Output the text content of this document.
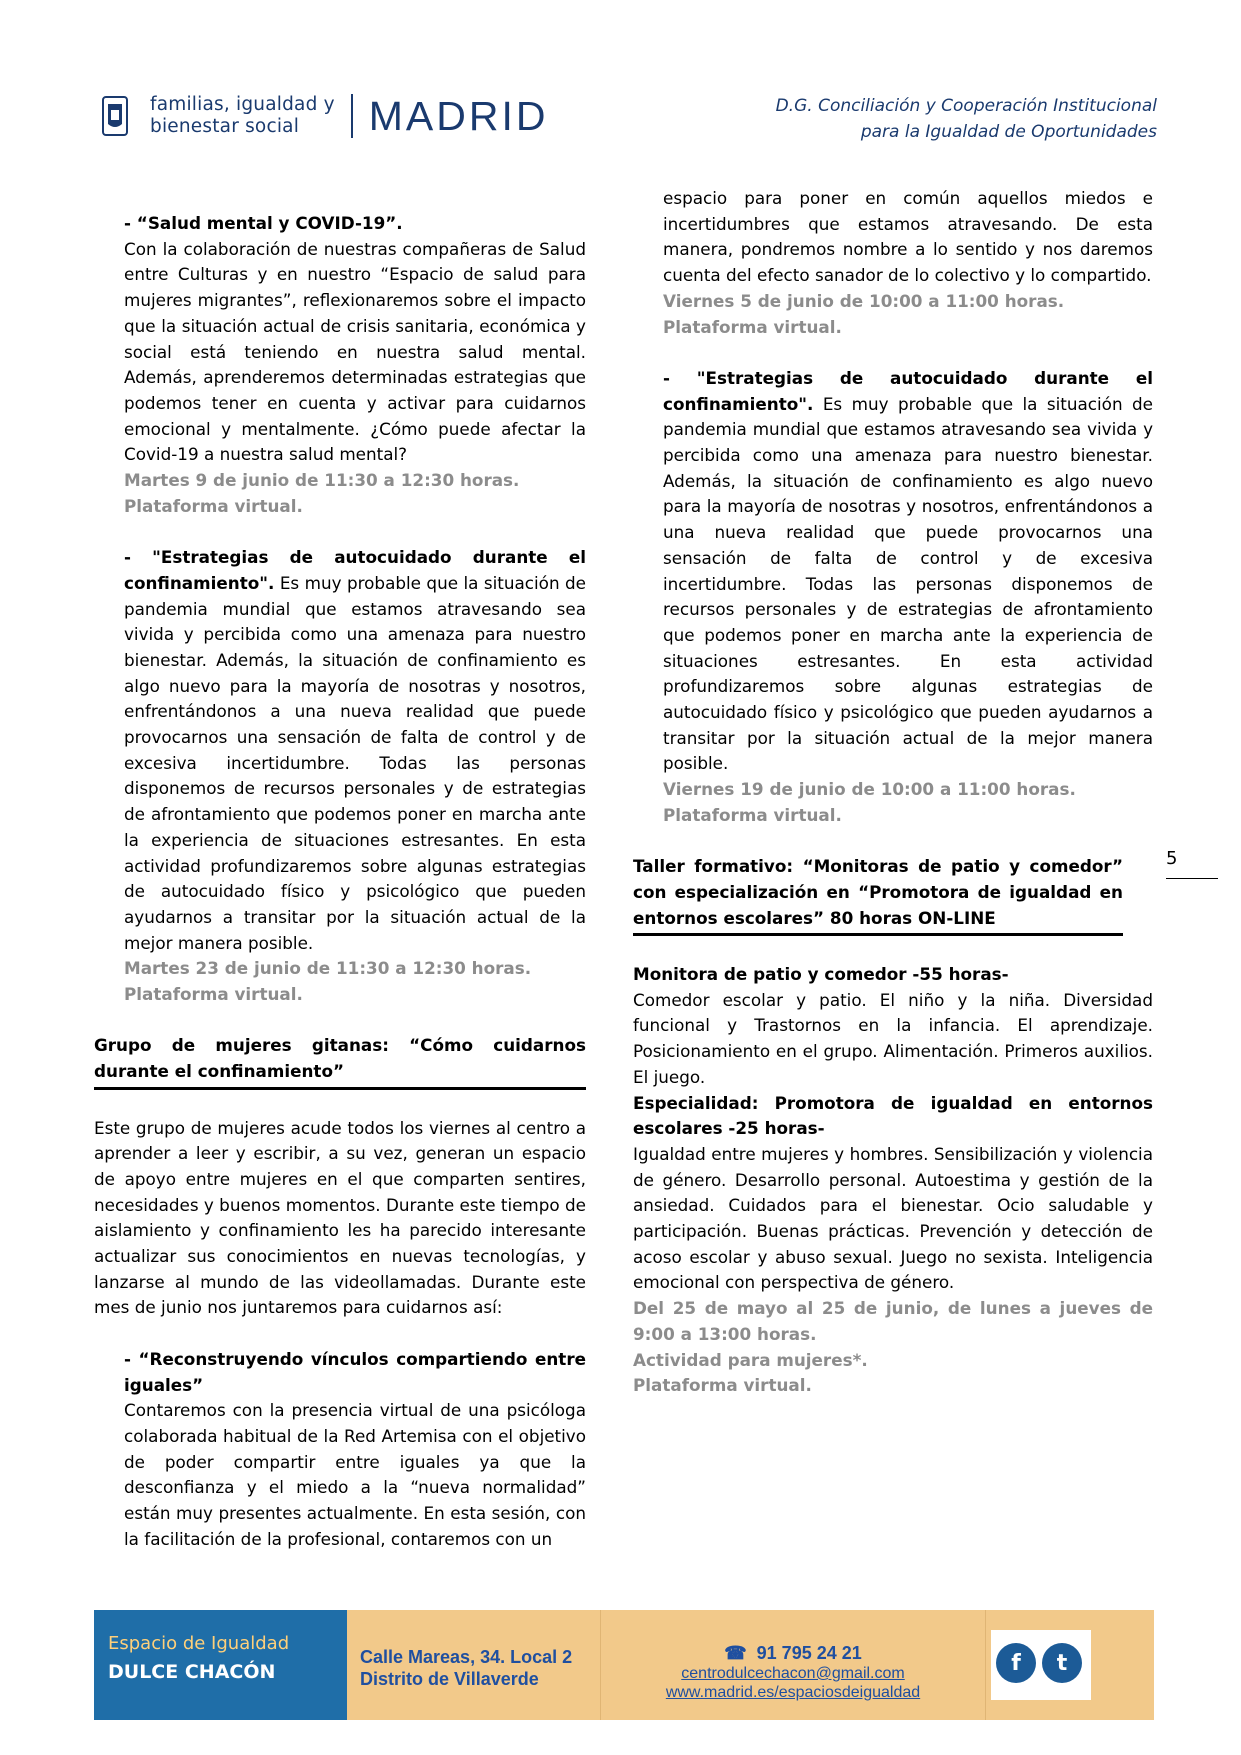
familias, igualdad y
bienestar social	MADRID	D.G. Conciliación y Cooperación Institucional
para la Igualdad de Oportunidades

- “Salud mental y COVID-19”.

Con la colaboración de nuestras compañeras de Salud entre Culturas y en nuestro “Espacio de salud para mujeres migrantes”, reflexionaremos sobre el impacto que la situación actual de crisis sanitaria, económica y social está teniendo en nuestra salud mental. Además, aprenderemos determinadas estrategias que podemos tener en cuenta y activar para cuidarnos emocional y mentalmente. ¿Cómo puede afectar la Covid-19 a nuestra salud mental?

Martes 9 de junio de 11:30 a 12:30 horas.

Plataforma virtual.

- "Estrategias de autocuidado durante el confinamiento". Es muy probable que la situación de pandemia mundial que estamos atravesando sea vivida y percibida como una amenaza para nuestro bienestar. Además, la situación de confinamiento es algo nuevo para la mayoría de nosotras y nosotros, enfrentándonos a una nueva realidad que puede provocarnos una sensación de falta de control y de excesiva incertidumbre. Todas las personas disponemos de recursos personales y de estrategias de afrontamiento que podemos poner en marcha ante la experiencia de situaciones estresantes. En esta actividad profundizaremos sobre algunas estrategias de autocuidado físico y psicológico que pueden ayudarnos a transitar por la situación actual de la mejor manera posible.

Martes 23 de junio de 11:30 a 12:30 horas.

Plataforma virtual.

Grupo de mujeres gitanas: “Cómo cuidarnos durante el confinamiento”

Este grupo de mujeres acude todos los viernes al centro a aprender a leer y escribir, a su vez, generan un espacio de apoyo entre mujeres en el que comparten sentires, necesidades y buenos momentos. Durante este tiempo de aislamiento y confinamiento les ha parecido interesante actualizar sus conocimientos en nuevas tecnologías, y lanzarse al mundo de las videollamadas. Durante este mes de junio nos juntaremos para cuidarnos así:

- “Reconstruyendo vínculos compartiendo entre iguales”

Contaremos con la presencia virtual de una psicóloga colaborada habitual de la Red Artemisa con el objetivo de poder compartir entre iguales ya que la desconfianza y el miedo a la “nueva normalidad” están muy presentes actualmente. En esta sesión, con la facilitación de la profesional, contaremos con un

espacio para poner en común aquellos miedos e incertidumbres que estamos atravesando. De esta manera, pondremos nombre a lo sentido y nos daremos cuenta del efecto sanador de lo colectivo y lo compartido.

Viernes 5 de junio de 10:00 a 11:00 horas.

Plataforma virtual.

- "Estrategias de autocuidado durante el confinamiento". Es muy probable que la situación de pandemia mundial que estamos atravesando sea vivida y percibida como una amenaza para nuestro bienestar. Además, la situación de confinamiento es algo nuevo para la mayoría de nosotras y nosotros, enfrentándonos a una nueva realidad que puede provocarnos una sensación de falta de control y de excesiva incertidumbre. Todas las personas disponemos de recursos personales y de estrategias de afrontamiento que podemos poner en marcha ante la experiencia de situaciones estresantes. En esta actividad profundizaremos sobre algunas estrategias de autocuidado físico y psicológico que pueden ayudarnos a transitar por la situación actual de la mejor manera posible.

Viernes 19 de junio de 10:00 a 11:00 horas.

Plataforma virtual.

Taller formativo: “Monitoras de patio y comedor” con especialización en “Promotora de igualdad en entornos escolares” 80 horas ON-LINE

Monitora de patio y comedor -55 horas-

Comedor escolar y patio. El niño y la niña. Diversidad funcional y Trastornos en la infancia. El aprendizaje. Posicionamiento en el grupo. Alimentación. Primeros auxilios. El juego.

Especialidad: Promotora de igualdad en entornos escolares -25 horas-

Igualdad entre mujeres y hombres. Sensibilización y violencia de género. Desarrollo personal. Autoestima y gestión de la ansiedad. Cuidados para el bienestar. Ocio saludable y participación. Buenas prácticas. Prevención y detección de acoso escolar y abuso sexual. Juego no sexista. Inteligencia emocional con perspectiva de género.

Del 25 de mayo al 25 de junio, de lunes a jueves de 9:00 a 13:00 horas.

Actividad para mujeres*.

Plataforma virtual.

5
Espacio de Igualdad
DULCE CHACÓN
Calle Mareas, 34. Local 2
Distrito de Villaverde
☎ 91 795 24 21
centrodulcechacon@gmail.com
www.madrid.es/espaciosdeigualdad
f	t
